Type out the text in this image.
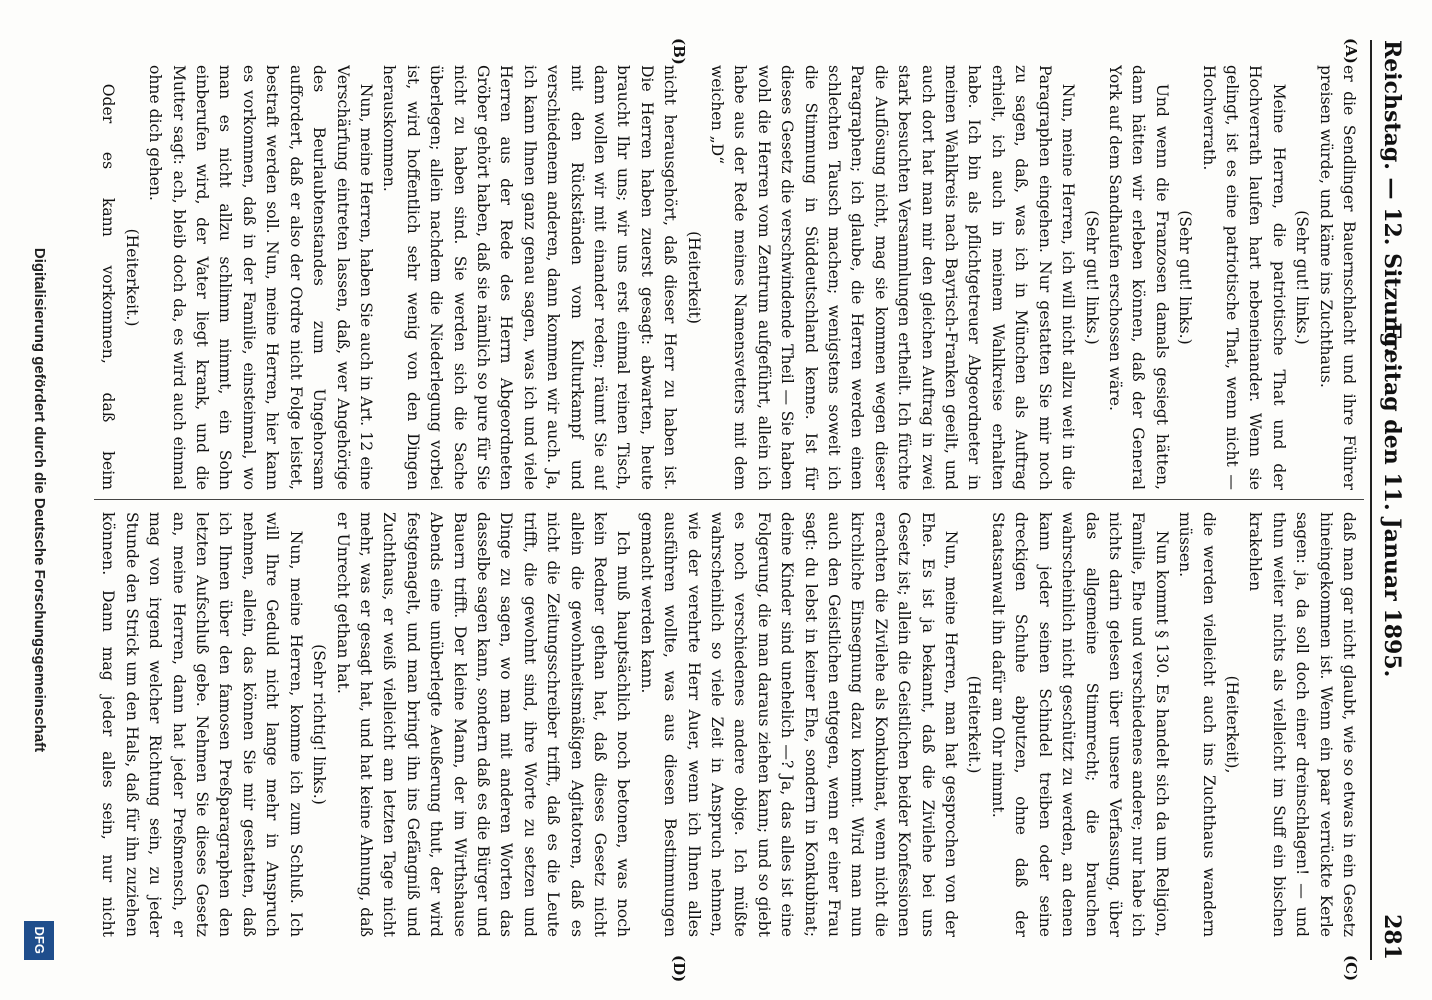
Reichstag. — 12. Sitzung.
Freitag den 11. Januar 1895.
281
(A)
(B)
(C)
(D)

er die Sendlinger Bauernschlacht und ihre Führer preisen würde, und käme ins Zuchthaus.

(Sehr gut! links.)

Meine Herren, die patriotische That und der Hochverrath laufen hart nebeneinander. Wenn sie gelingt, ist es eine patriotische That, wenn nicht — Hochverrath.

(Sehr gut! links.)

Und wenn die Franzosen damals gesiegt hätten, dann hätten wir erleben können, daß der General York auf dem Sandhaufen erschossen wäre.

(Sehr gut! links.)

Nun, meine Herren, ich will nicht allzu weit in die Paragraphen eingehen. Nur gestatten Sie mir noch zu sagen, daß, was ich in München als Auftrag erhielt, ich auch in meinem Wahlkreise erhalten habe. Ich bin als pflichtgetreuer Abgeordneter in meinen Wahlkreis nach Bayrisch-Franken geeilt, und auch dort hat man mir den gleichen Auftrag in zwei stark besuchten Versammlungen ertheilt. Ich fürchte die Auflösung nicht, mag sie kommen wegen dieser Paragraphen; ich glaube, die Herren werden einen schlechten Tausch machen; wenigstens soweit ich die Stimmung in Süddeutschland kenne. Ist für dieses Gesetz die verschwindende Theil — Sie haben wohl die Herren vom Zentrum aufgeführt, allein ich habe aus der Rede meines Namensvetters mit dem weichen „D“

(Heiterkeit)

nicht herausgehört, daß dieser Herr zu haben ist. Die Herren haben zuerst gesagt: abwarten, heute braucht Ihr uns; wir uns erst einmal reinen Tisch, dann wollen wir mit einander reden; räumt Sie auf mit den Rückständen vom Kulturkampf und verschiedenem anderen, dann kommen wir auch. Ja, ich kann Ihnen ganz genau sagen, was ich und viele Herren aus der Rede des Herrn Abgeordneten Gröber gehört haben, daß sie nämlich so pure für Sie nicht zu haben sind. Sie werden sich die Sache überlegen; allein nachdem die Niederlegung vorbei ist, wird hoffentlich sehr wenig von den Dingen herauskommen.

Nun, meine Herren, haben Sie auch in Art. 12 eine Verschärfung eintreten lassen, daß, wer Angehörige des Beurlaubtenstandes zum Ungehorsam auffordert, daß er also der Ordre nicht Folge leistet, bestraft werden soll. Nun, meine Herren, hier kann es vorkommen, daß in der Familie, einsteinmal, wo man es nicht allzu schlimm nimmt, ein Sohn einberufen wird, der Vater liegt krank, und die Mutter sagt: ach, bleib doch da, es wird auch einmal ohne dich gehen.

(Heiterkeit.)

Oder es kann vorkommen, daß beim

daß man gar nicht glaubt, wie so etwas in ein Gesetz hineingekommen ist. Wenn ein paar verrückte Kerle sagen: ja, da soll doch einer dreinschlagen! — und thun weiter nichts als vielleicht im Suff ein bischen krakehlen

(Heiterkeit),

die werden vielleicht auch ins Zuchthaus wandern müssen.

Nun kommt § 130. Es handelt sich da um Religion, Familie, Ehe und verschiedenes andere; nur habe ich nichts darin gelesen über unsere Verfassung, über das allgemeine Stimmrecht; die brauchen wahrscheinlich nicht geschützt zu werden, an denen kann jeder seinen Schindel treiben oder seine dreckigen Schuhe abputzen, ohne daß der Staatsanwalt ihn dafür am Ohr nimmt.

(Heiterkeit.)

Nun, meine Herren, man hat gesprochen von der Ehe. Es ist ja bekannt, daß die Zivilehe bei uns Gesetz ist; allein die Geistlichen beider Konfessionen erachten die Zivilehe als Konkubinat, wenn nicht die kirchliche Einsegnung dazu kommt. Wird man nun auch den Geistlichen entgegen, wenn er einer Frau sagt: du lebst in keiner Ehe, sondern in Konkubinat; deine Kinder sind unehelich —? Ja, das alles ist eine Folgerung, die man daraus ziehen kann; und so giebt es noch verschiedenes andere obige. Ich müßte wahrscheinlich so viele Zeit in Anspruch nehmen, wie der verehrte Herr Auer, wenn ich Ihnen alles ausführen wollte, was aus diesen Bestimmungen gemacht werden kann.

Ich muß hauptsächlich noch betonen, was noch kein Redner gethan hat, daß dieses Gesetz nicht allein die gewohnheitsmäßigen Agitatoren, daß es nicht die Zeitungsschreiber trifft, daß es die Leute trifft, die gewohnt sind, ihre Worte zu setzen und Dinge zu sagen, wo man mit anderen Worten das dasselbe sagen kann, sondern daß es die Bürger und Bauern trifft. Der kleine Mann, der im Wirthshause Abends eine unüberlegte Aeußerung thut, der wird festgenagelt, und man bringt ihn ins Gefängniß und Zuchthaus, er weiß vielleicht am letzten Tage nicht mehr, was er gesagt hat, und hat keine Ahnung, daß er Unrecht gethan hat.

(Sehr richtig! links.)

Nun, meine Herren, komme ich zum Schluß. Ich will Ihre Geduld nicht lange mehr in Anspruch nehmen, allein, das können Sie mir gestatten, daß ich Ihnen über den famosen Preßparagraphen den letzten Aufschluß gebe. Nehmen Sie dieses Gesetz an, meine Herren, dann hat jeder Preßmensch, er mag von irgend welcher Richtung sein, zu jeder Stunde den Strick um den Hals, daß für ihn zuziehen können. Dann mag jeder alles sein, nur nicht

Digitalisierung gefördert durch die Deutsche Forschungsgemeinschaft
DFG
